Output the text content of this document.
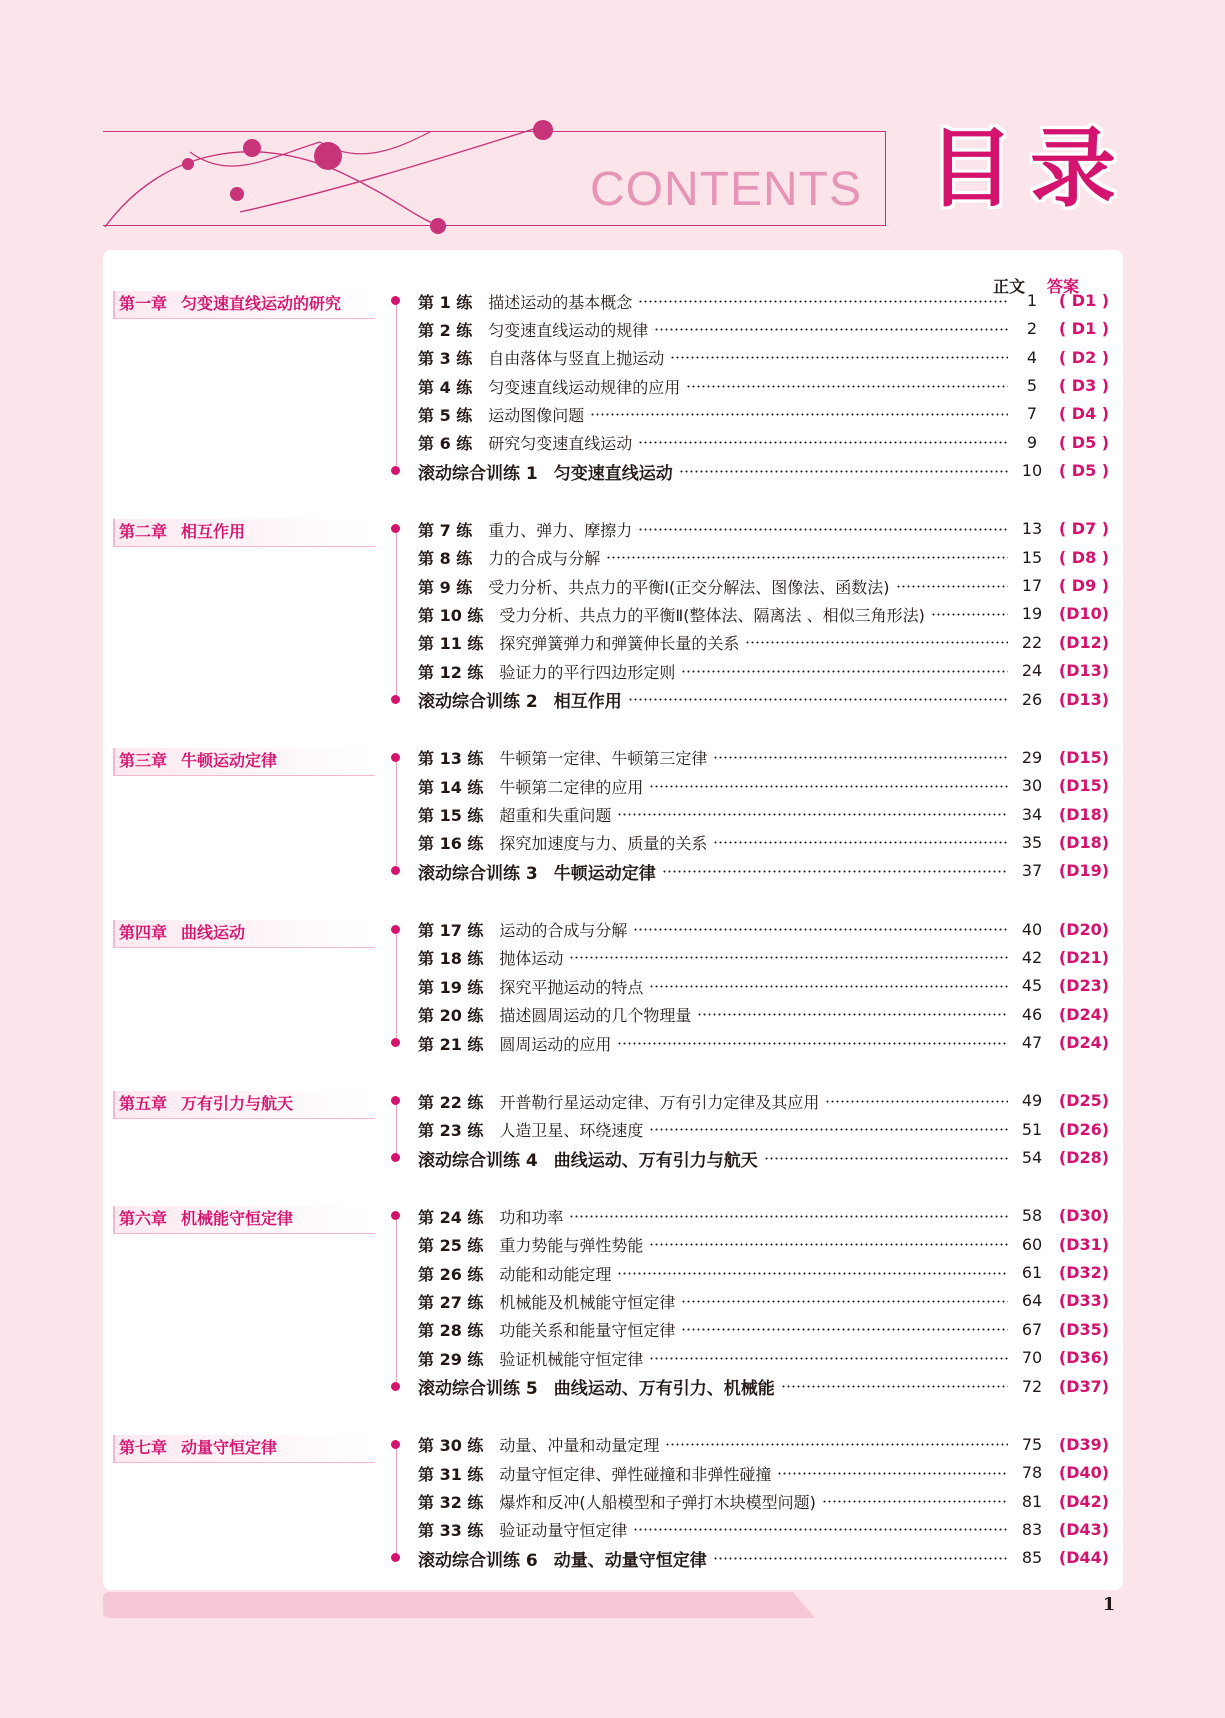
CONTENTS 目录
正文 答案
第一章 匀变速直线运动的研究	第 1 练 描述运动的基本概念	1	( D1 )
第 2 练 匀变速直线运动的规律	2	( D1 )
第 3 练 自由落体与竖直上抛运动	4	( D2 )
第 4 练 匀变速直线运动规律的应用	5	( D3 )
第 5 练 运动图像问题	7	( D4 )
第 6 练 研究匀变速直线运动	9	( D5 )
滚动综合训练 1 匀变速直线运动	10	( D5 )
第二章 相互作用	第 7 练 重力、弹力、摩擦力	13	( D7 )
第 8 练 力的合成与分解	15	( D8 )
第 9 练 受力分析、共点力的平衡Ⅰ(正交分解法、图像法、函数法)	17	( D9 )
第 10 练 受力分析、共点力的平衡Ⅱ(整体法、隔离法 、相似三角形法)	19	(D10)
第 11 练 探究弹簧弹力和弹簧伸长量的关系	22	(D12)
第 12 练 验证力的平行四边形定则	24	(D13)
滚动综合训练 2 相互作用	26	(D13)
第三章 牛顿运动定律	第 13 练 牛顿第一定律、牛顿第三定律	29	(D15)
第 14 练 牛顿第二定律的应用	30	(D15)
第 15 练 超重和失重问题	34	(D18)
第 16 练 探究加速度与力、质量的关系	35	(D18)
滚动综合训练 3 牛顿运动定律	37	(D19)
第四章 曲线运动	第 17 练 运动的合成与分解	40	(D20)
第 18 练 抛体运动	42	(D21)
第 19 练 探究平抛运动的特点	45	(D23)
第 20 练 描述圆周运动的几个物理量	46	(D24)
第 21 练 圆周运动的应用	47	(D24)
第五章 万有引力与航天	第 22 练 开普勒行星运动定律、万有引力定律及其应用	49	(D25)
第 23 练 人造卫星、环绕速度	51	(D26)
滚动综合训练 4 曲线运动、万有引力与航天	54	(D28)
第六章 机械能守恒定律	第 24 练 功和功率	58	(D30)
第 25 练 重力势能与弹性势能	60	(D31)
第 26 练 动能和动能定理	61	(D32)
第 27 练 机械能及机械能守恒定律	64	(D33)
第 28 练 功能关系和能量守恒定律	67	(D35)
第 29 练 验证机械能守恒定律	70	(D36)
滚动综合训练 5 曲线运动、万有引力、机械能	72	(D37)
第七章 动量守恒定律	第 30 练 动量、冲量和动量定理	75	(D39)
第 31 练 动量守恒定律、弹性碰撞和非弹性碰撞	78	(D40)
第 32 练 爆炸和反冲(人船模型和子弹打木块模型问题)	81	(D42)
第 33 练 验证动量守恒定律	83	(D43)
滚动综合训练 6 动量、动量守恒定律	85	(D44)
1
